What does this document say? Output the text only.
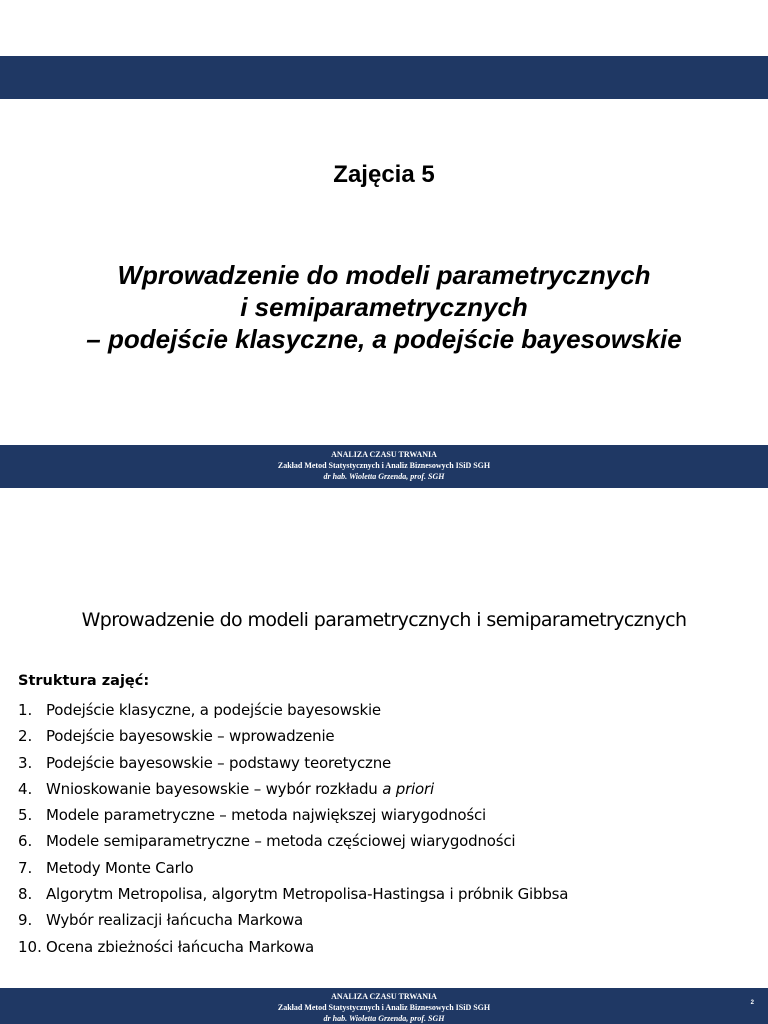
Zajęcia 5
Wprowadzenie do modeli parametrycznych
i semiparametrycznych
– podejście klasyczne, a podejście bayesowskie
ANALIZA CZASU TRWANIA
Zakład Metod Statystycznych i Analiz Biznesowych ISiD SGH
dr hab. Wioletta Grzenda, prof. SGH
Wprowadzenie do modeli parametrycznych i semiparametrycznych
Struktura zajęć:
1. Podejście klasyczne, a podejście bayesowskie
2. Podejście bayesowskie – wprowadzenie
3. Podejście bayesowskie – podstawy teoretyczne
4. Wnioskowanie bayesowskie – wybór rozkładu a priori
5. Modele parametryczne – metoda największej wiarygodności
6. Modele semiparametryczne – metoda częściowej wiarygodności
7. Metody Monte Carlo
8. Algorytm Metropolisa, algorytm Metropolisa-Hastingsa i próbnik Gibbsa
9. Wybór realizacji łańcucha Markowa
10. Ocena zbieżności łańcucha Markowa
ANALIZA CZASU TRWANIA
Zakład Metod Statystycznych i Analiz Biznesowych ISiD SGH
dr hab. Wioletta Grzenda, prof. SGH
2
